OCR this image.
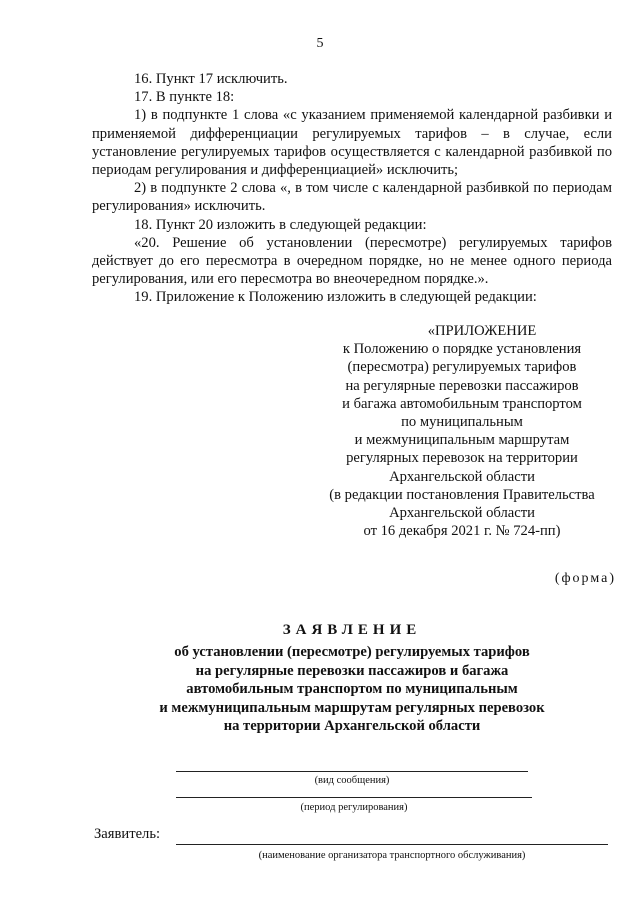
5

16. Пункт 17 исключить.

17. В пункте 18:

1) в подпункте 1 слова «с указанием применяемой календарной разбивки и применяемой дифференциации регулируемых тарифов – в случае, если установление регулируемых тарифов осуществляется с календарной разбивкой по периодам регулирования и дифференциацией» исключить;

2) в подпункте 2 слова «, в том числе с календарной разбивкой по периодам регулирования» исключить.

18. Пункт 20 изложить в следующей редакции:

«20. Решение об установлении (пересмотре) регулируемых тарифов действует до его пересмотра в очередном порядке, но не менее одного периода регулирования, или его пересмотра во внеочередном порядке.».

19. Приложение к Положению изложить в следующей редакции:

«ПРИЛОЖЕНИЕ
к Положению о порядке установления
(пересмотра) регулируемых тарифов
на регулярные перевозки пассажиров
и багажа автомобильным транспортом
по муниципальным
и межмуниципальным маршрутам
регулярных перевозок на территории
Архангельской области
(в редакции постановления Правительства
Архангельской области
от 16 декабря 2021 г. № 724-пп)
(форма)
ЗАЯВЛЕНИЕ
об установлении (пересмотре) регулируемых тарифов
на регулярные перевозки пассажиров и багажа
автомобильным транспортом по муниципальным
и межмуниципальным маршрутам регулярных перевозок
на территории Архангельской области
(вид сообщения)
(период регулирования)
Заявитель:
(наименование организатора транспортного обслуживания)
